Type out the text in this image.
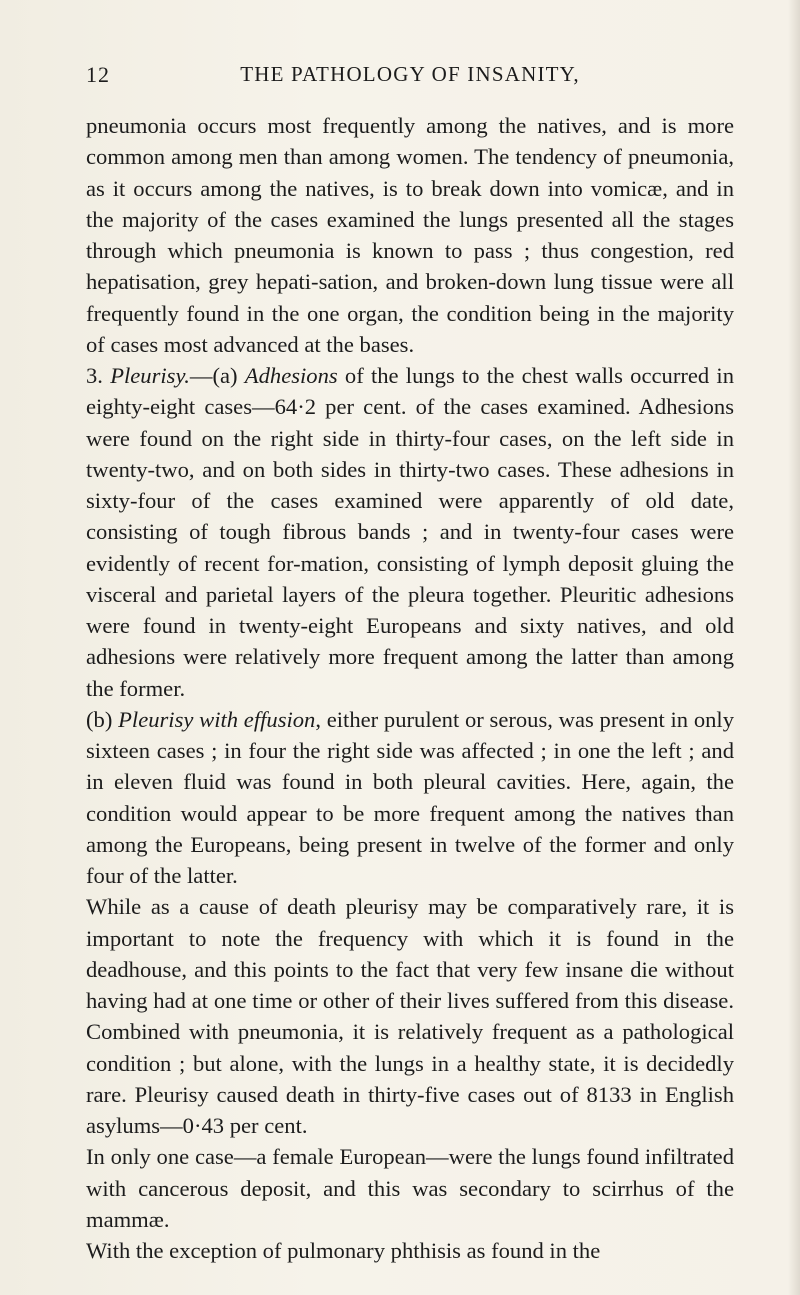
12	THE PATHOLOGY OF INSANITY,

pneumonia occurs most frequently among the natives, and is more common among men than among women. The tendency of pneumonia, as it occurs among the natives, is to break down into vomicæ, and in the majority of the cases examined the lungs presented all the stages through which pneumonia is known to pass ; thus congestion, red hepatisation, grey hepati-sation, and broken-down lung tissue were all frequently found in the one organ, the condition being in the majority of cases most advanced at the bases.

3. Pleurisy.—(a) Adhesions of the lungs to the chest walls occurred in eighty-eight cases—64·2 per cent. of the cases examined. Adhesions were found on the right side in thirty-four cases, on the left side in twenty-two, and on both sides in thirty-two cases. These adhesions in sixty-four of the cases examined were apparently of old date, consisting of tough fibrous bands ; and in twenty-four cases were evidently of recent for-mation, consisting of lymph deposit gluing the visceral and parietal layers of the pleura together. Pleuritic adhesions were found in twenty-eight Europeans and sixty natives, and old adhesions were relatively more frequent among the latter than among the former.

(b) Pleurisy with effusion, either purulent or serous, was present in only sixteen cases ; in four the right side was affected ; in one the left ; and in eleven fluid was found in both pleural cavities. Here, again, the condition would appear to be more frequent among the natives than among the Europeans, being present in twelve of the former and only four of the latter.

While as a cause of death pleurisy may be comparatively rare, it is important to note the frequency with which it is found in the deadhouse, and this points to the fact that very few insane die without having had at one time or other of their lives suffered from this disease. Combined with pneumonia, it is relatively frequent as a pathological condition ; but alone, with the lungs in a healthy state, it is decidedly rare. Pleurisy caused death in thirty-five cases out of 8133 in English asylums—0·43 per cent.

In only one case—a female European—were the lungs found infiltrated with cancerous deposit, and this was secondary to scirrhus of the mammæ.

With the exception of pulmonary phthisis as found in the
